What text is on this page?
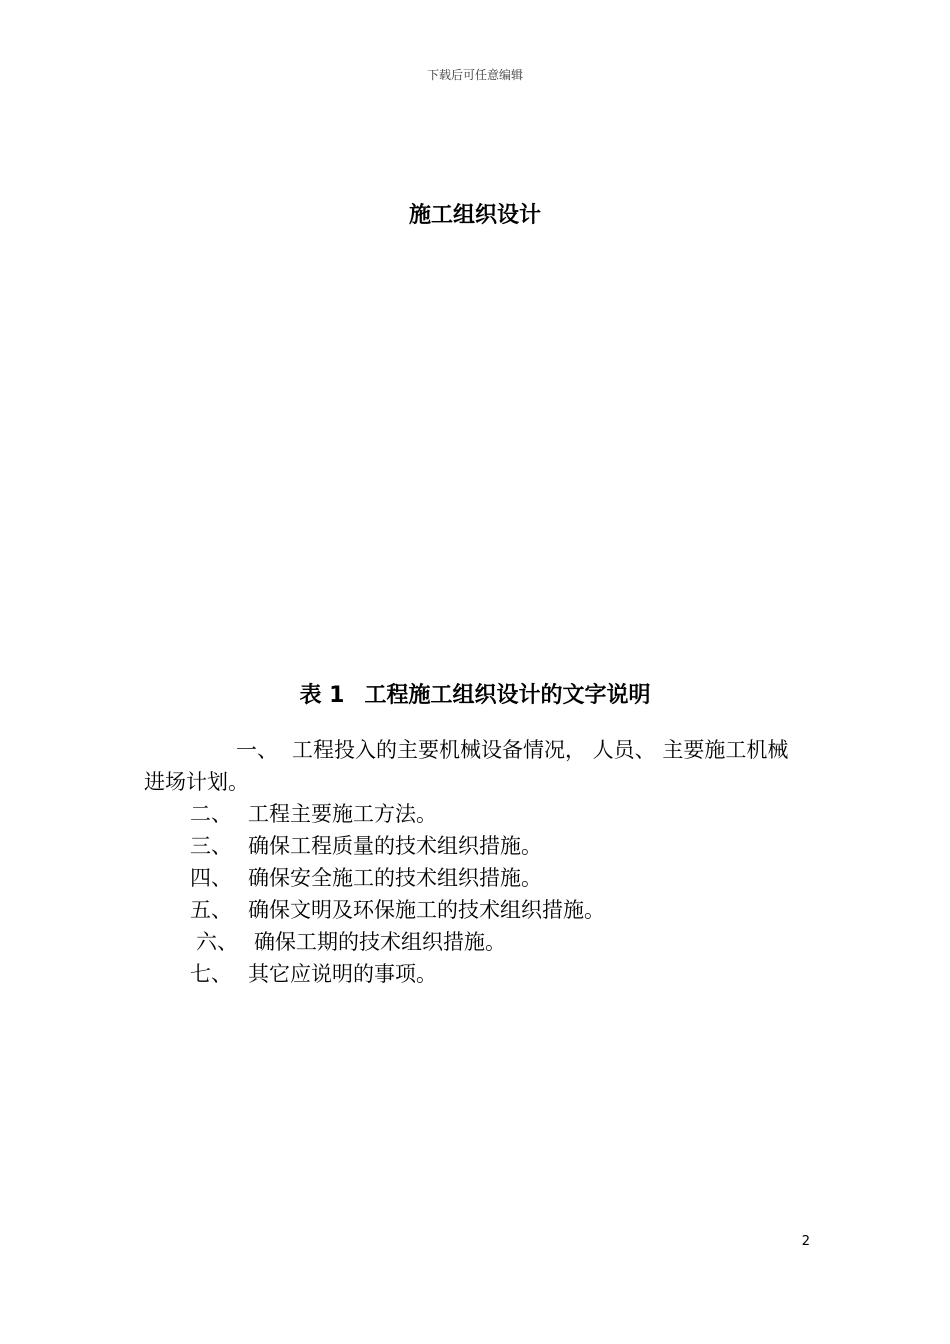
下载后可任意编辑
施工组织设计
表 1 工程施工组织设计的文字说明
一、 工程投入的主要机械设备情况， 人员、 主要施工机械进场计划。
二、 工程主要施工方法。
三、 确保工程质量的技术组织措施。
四、 确保安全施工的技术组织措施。
五、 确保文明及环保施工的技术组织措施。
六、 确保工期的技术组织措施。
七、 其它应说明的事项。
2
